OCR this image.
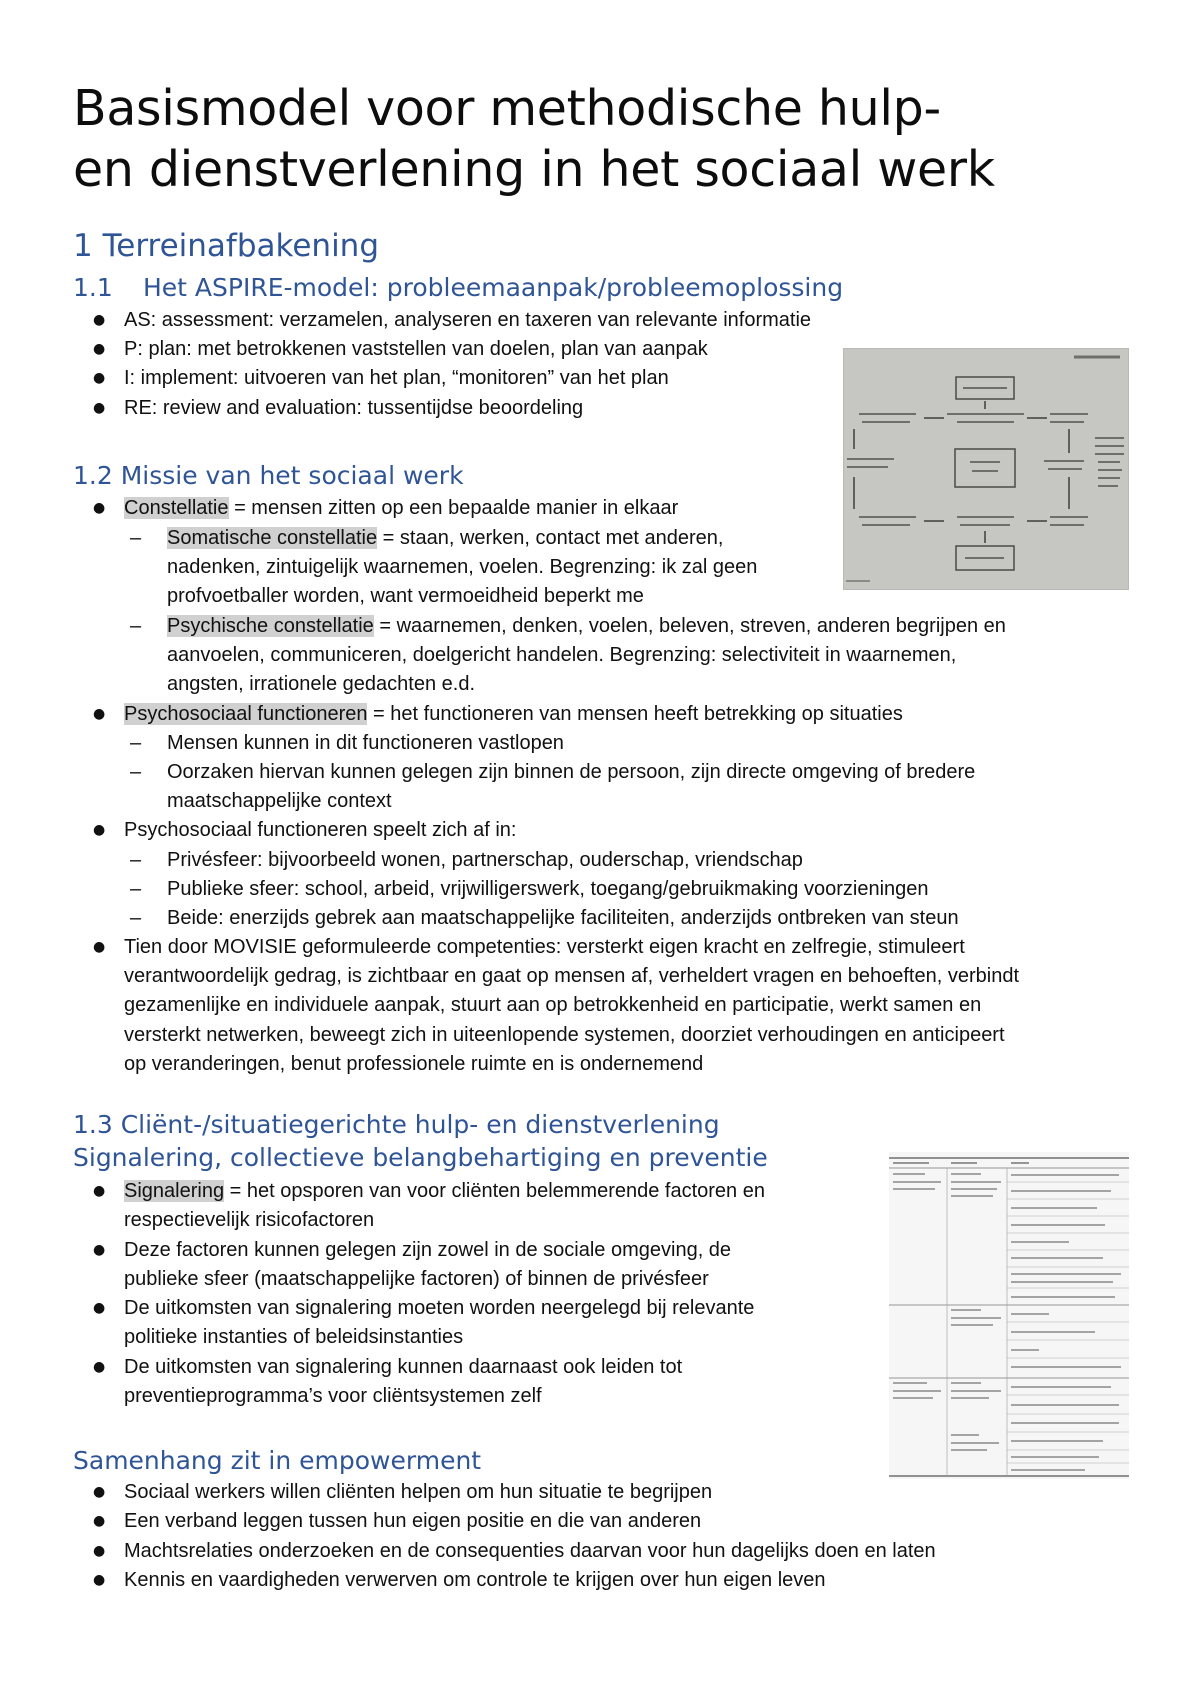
Basismodel voor methodische hulp-
en dienstverlening in het sociaal werk
1 Terreinafbakening
1.1 Het ASPIRE-model: probleemaanpak/probleemoplossing
● AS: assessment: verzamelen, analyseren en taxeren van relevante informatie
● P: plan: met betrokkenen vaststellen van doelen, plan van aanpak
● I: implement: uitvoeren van het plan, “monitoren” van het plan
● RE: review and evaluation: tussentijdse beoordeling
1.2 Missie van het sociaal werk
● Constellatie = mensen zitten op een bepaalde manier in elkaar
– Somatische constellatie = staan, werken, contact met anderen,
nadenken, zintuigelijk waarnemen, voelen. Begrenzing: ik zal geen
profvoetballer worden, want vermoeidheid beperkt me
– Psychische constellatie = waarnemen, denken, voelen, beleven, streven, anderen begrijpen en
aanvoelen, communiceren, doelgericht handelen. Begrenzing: selectiviteit in waarnemen,
angsten, irrationele gedachten e.d.
● Psychosociaal functioneren = het functioneren van mensen heeft betrekking op situaties
– Mensen kunnen in dit functioneren vastlopen
– Oorzaken hiervan kunnen gelegen zijn binnen de persoon, zijn directe omgeving of bredere
maatschappelijke context
● Psychosociaal functioneren speelt zich af in:
– Privésfeer: bijvoorbeeld wonen, partnerschap, ouderschap, vriendschap
– Publieke sfeer: school, arbeid, vrijwilligerswerk, toegang/gebruikmaking voorzieningen
– Beide: enerzijds gebrek aan maatschappelijke faciliteiten, anderzijds ontbreken van steun
● Tien door MOVISIE geformuleerde competenties: versterkt eigen kracht en zelfregie, stimuleert
verantwoordelijk gedrag, is zichtbaar en gaat op mensen af, verheldert vragen en behoeften, verbindt
gezamenlijke en individuele aanpak, stuurt aan op betrokkenheid en participatie, werkt samen en
versterkt netwerken, beweegt zich in uiteenlopende systemen, doorziet verhoudingen en anticipeert
op veranderingen, benut professionele ruimte en is ondernemend
1.3 Cliënt-/situatiegerichte hulp- en dienstverlening
Signalering, collectieve belangbehartiging en preventie
● Signalering = het opsporen van voor cliënten belemmerende factoren en
respectievelijk risicofactoren
● Deze factoren kunnen gelegen zijn zowel in de sociale omgeving, de
publieke sfeer (maatschappelijke factoren) of binnen de privésfeer
● De uitkomsten van signalering moeten worden neergelegd bij relevante
politieke instanties of beleidsinstanties
● De uitkomsten van signalering kunnen daarnaast ook leiden tot
preventieprogramma’s voor cliëntsystemen zelf
Samenhang zit in empowerment
● Sociaal werkers willen cliënten helpen om hun situatie te begrijpen
● Een verband leggen tussen hun eigen positie en die van anderen
● Machtsrelaties onderzoeken en de consequenties daarvan voor hun dagelijks doen en laten
● Kennis en vaardigheden verwerven om controle te krijgen over hun eigen leven
